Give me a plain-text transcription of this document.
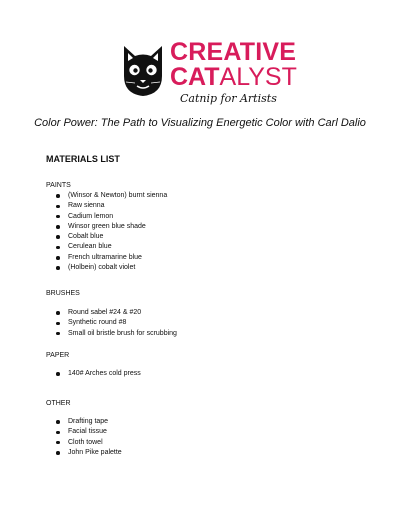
CREATIVE
CATALYST
Catnip for Artists
Color Power: The Path to Visualizing Energetic Color with Carl Dalio
MATERIALS LIST
PAINTS
(Winsor & Newton) burnt sienna
Raw sienna
Cadium lemon
Winsor green blue shade
Cobalt blue
Cerulean blue
French ultramarine blue
(Holbein) cobalt violet
BRUSHES
Round sabel #24 & #20
Synthetic round #8
Small oil bristle brush for scrubbing
PAPER
140# Arches cold press
OTHER
Drafting tape
Facial tissue
Cloth towel
John Pike palette
